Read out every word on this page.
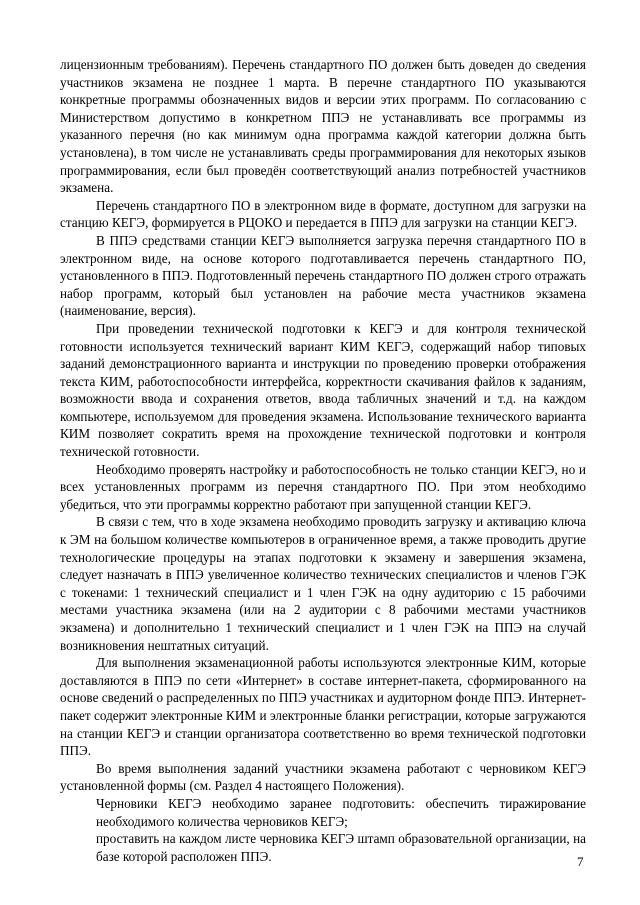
лицензионным требованиям). Перечень стандартного ПО должен быть доведен до сведения участников экзамена не позднее 1 марта. В перечне стандартного ПО указываются конкретные программы обозначенных видов и версии этих программ. По согласованию с Министерством допустимо в конкретном ППЭ не устанавливать все программы из указанного перечня (но как минимум одна программа каждой категории должна быть установлена), в том числе не устанавливать среды программирования для некоторых языков программирования, если был проведён соответствующий анализ потребностей участников экзамена.

Перечень стандартного ПО в электронном виде в формате, доступном для загрузки на станцию КЕГЭ, формируется в РЦОКО и передается в ППЭ для загрузки на станции КЕГЭ.

В ППЭ средствами станции КЕГЭ выполняется загрузка перечня стандартного ПО в электронном виде, на основе которого подготавливается перечень стандартного ПО, установленного в ППЭ. Подготовленный перечень стандартного ПО должен строго отражать набор программ, который был установлен на рабочие места участников экзамена (наименование, версия).

При проведении технической подготовки к КЕГЭ и для контроля технической готовности используется технический вариант КИМ КЕГЭ, содержащий набор типовых заданий демонстрационного варианта и инструкции по проведению проверки отображения текста КИМ, работоспособности интерфейса, корректности скачивания файлов к заданиям, возможности ввода и сохранения ответов, ввода табличных значений и т.д. на каждом компьютере, используемом для проведения экзамена. Использование технического варианта КИМ позволяет сократить время на прохождение технической подготовки и контроля технической готовности.

Необходимо проверять настройку и работоспособность не только станции КЕГЭ, но и всех установленных программ из перечня стандартного ПО. При этом необходимо убедиться, что эти программы корректно работают при запущенной станции КЕГЭ.

В связи с тем, что в ходе экзамена необходимо проводить загрузку и активацию ключа к ЭМ на большом количестве компьютеров в ограниченное время, а также проводить другие технологические процедуры на этапах подготовки к экзамену и завершения экзамена, следует назначать в ППЭ увеличенное количество технических специалистов и членов ГЭК с токенами: 1 технический специалист и 1 член ГЭК на одну аудиторию с 15 рабочими местами участника экзамена (или на 2 аудитории с 8 рабочими местами участников экзамена) и дополнительно 1 технический специалист и 1 член ГЭК на ППЭ на случай возникновения нештатных ситуаций.

Для выполнения экзаменационной работы используются электронные КИМ, которые доставляются в ППЭ по сети «Интернет» в составе интернет-пакета, сформированного на основе сведений о распределенных по ППЭ участниках и аудиторном фонде ППЭ. Интернет-пакет содержит электронные КИМ и электронные бланки регистрации, которые загружаются на станции КЕГЭ и станции организатора соответственно во время технической подготовки ППЭ.

Во время выполнения заданий участники экзамена работают с черновиком КЕГЭ установленной формы (см. Раздел 4 настоящего Положения).

Черновики КЕГЭ необходимо заранее подготовить: обеспечить тиражирование необходимого количества черновиков КЕГЭ;

проставить на каждом листе черновика КЕГЭ штамп образовательной организации, на базе которой расположен ППЭ.	7
